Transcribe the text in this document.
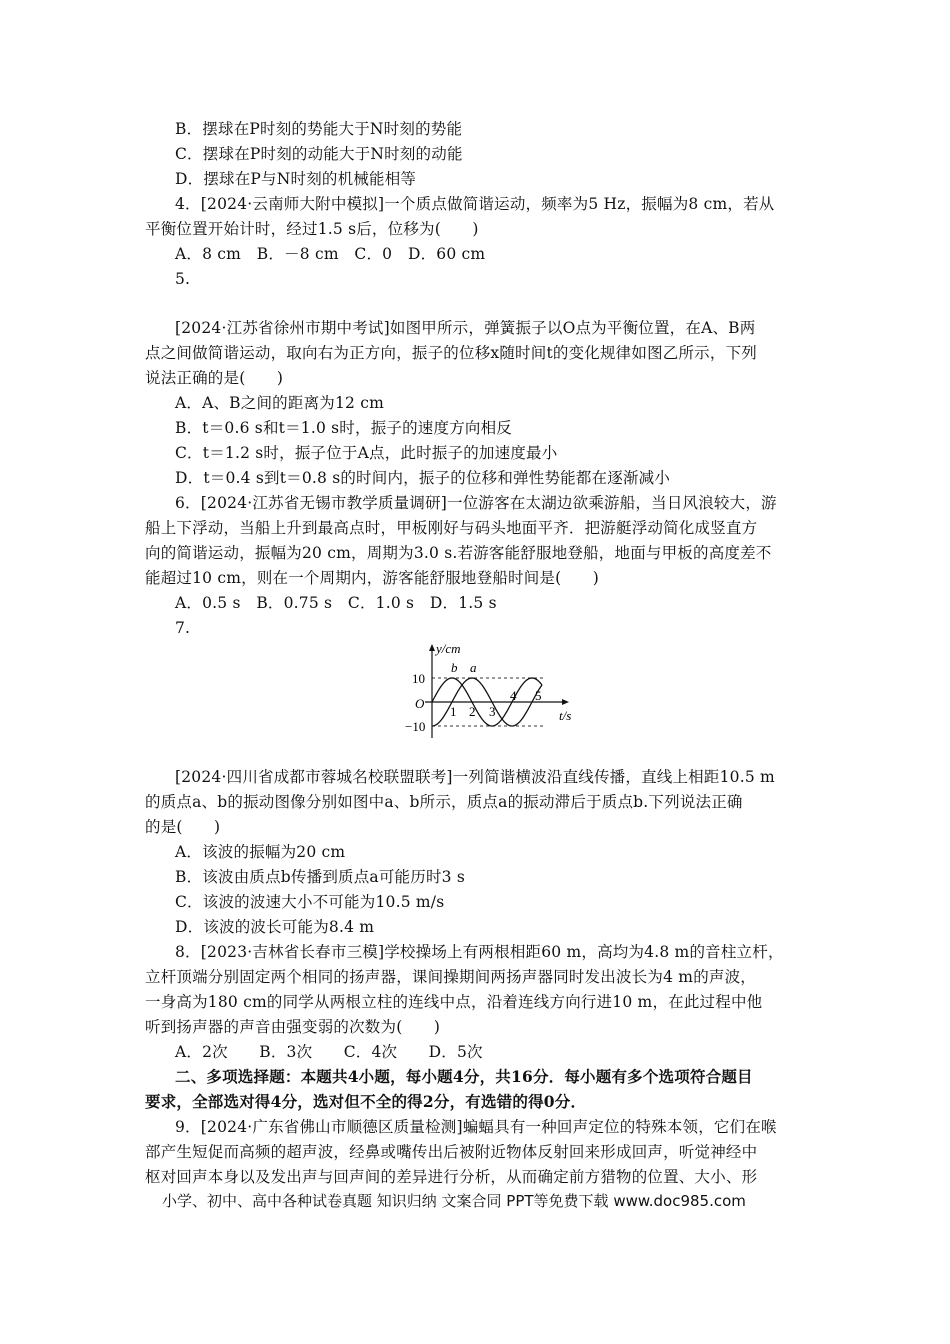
B．摆球在P时刻的势能大于N时刻的势能
C．摆球在P时刻的动能大于N时刻的动能
D．摆球在P与N时刻的机械能相等
4．[2024·云南师大附中模拟]一个质点做简谐运动，频率为5 Hz，振幅为8 cm，若从
平衡位置开始计时，经过1.5 s后，位移为(　　)
A．8 cm　B．－8 cm　C．0　D．60 cm
5.
[2024·江苏省徐州市期中考试]如图甲所示，弹簧振子以O点为平衡位置，在A、B两
点之间做简谐运动，取向右为正方向，振子的位移x随时间t的变化规律如图乙所示，下列
说法正确的是(　　)
A．A、B之间的距离为12 cm
B．t＝0.6 s和t＝1.0 s时，振子的速度方向相反
C．t＝1.2 s时，振子位于A点，此时振子的加速度最小
D．t＝0.4 s到t＝0.8 s的时间内，振子的位移和弹性势能都在逐渐减小
6．[2024·江苏省无锡市教学质量调研]一位游客在太湖边欲乘游船，当日风浪较大，游
船上下浮动，当船上升到最高点时，甲板刚好与码头地面平齐．把游艇浮动简化成竖直方
向的简谐运动，振幅为20 cm，周期为3.0 s.若游客能舒服地登船，地面与甲板的高度差不
能超过10 cm，则在一个周期内，游客能舒服地登船时间是(　　)
A．0.5 s　B．0.75 s　C．1.0 s　D．1.5 s
7.
y/cm
t/s
O
10
−10
1 2 3
4 5
b a
[2024·四川省成都市蓉城名校联盟联考]一列简谐横波沿直线传播，直线上相距10.5 m
的质点a、b的振动图像分别如图中a、b所示，质点a的振动滞后于质点b.下列说法正确
的是(　　)
A．该波的振幅为20 cm
B．该波由质点b传播到质点a可能历时3 s
C．该波的波速大小不可能为10.5 m/s
D．该波的波长可能为8.4 m
8．[2023·吉林省长春市三模]学校操场上有两根相距60 m，高均为4.8 m的音柱立杆，
立杆顶端分别固定两个相同的扬声器，课间操期间两扬声器同时发出波长为4 m的声波，
一身高为180 cm的同学从两根立柱的连线中点，沿着连线方向行进10 m，在此过程中他
听到扬声器的声音由强变弱的次数为(　　)
A．2次　　B．3次　　C．4次　　D．5次
二、多项选择题：本题共4小题，每小题4分，共16分．每小题有多个选项符合题目
要求，全部选对得4分，选对但不全的得2分，有选错的得0分．
9．[2024·广东省佛山市顺德区质量检测]蝙蝠具有一种回声定位的特殊本领，它们在喉
部产生短促而高频的超声波，经鼻或嘴传出后被附近物体反射回来形成回声，听觉神经中
枢对回声本身以及发出声与回声间的差异进行分析，从而确定前方猎物的位置、大小、形
小学、初中、高中各种试卷真题 知识归纳 文案合同 PPT等免费下载 www.doc985.com
